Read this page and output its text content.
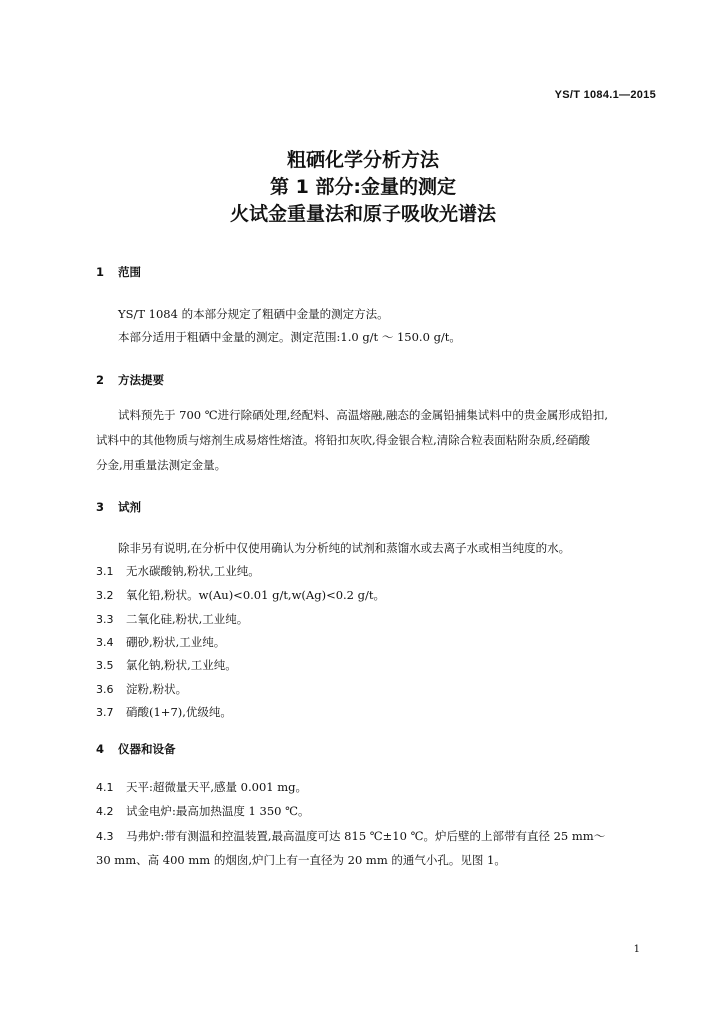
YS/T 1084.1—2015
粗硒化学分析方法
第 1 部分:金量的测定
火试金重量法和原子吸收光谱法
1 范围
YS/T 1084 的本部分规定了粗硒中金量的测定方法。
本部分适用于粗硒中金量的测定。测定范围:1.0 g/t ～ 150.0 g/t。
2 方法提要
试料预先于 700 ℃进行除硒处理,经配料、高温熔融,融态的金属铅捕集试料中的贵金属形成铅扣,
试料中的其他物质与熔剂生成易熔性熔渣。将铅扣灰吹,得金银合粒,清除合粒表面粘附杂质,经硝酸
分金,用重量法测定金量。
3 试剂
除非另有说明,在分析中仅使用确认为分析纯的试剂和蒸馏水或去离子水或相当纯度的水。
3.1 无水碳酸钠,粉状,工业纯。
3.2 氧化铅,粉状。w(Au)<0.01 g/t,w(Ag)<0.2 g/t。
3.3 二氧化硅,粉状,工业纯。
3.4 硼砂,粉状,工业纯。
3.5 氯化钠,粉状,工业纯。
3.6 淀粉,粉状。
3.7 硝酸(1+7),优级纯。
4 仪器和设备
4.1 天平:超微量天平,感量 0.001 mg。
4.2 试金电炉:最高加热温度 1 350 ℃。
4.3 马弗炉:带有测温和控温装置,最高温度可达 815 ℃±10 ℃。炉后壁的上部带有直径 25 mm～
30 mm、高 400 mm 的烟囱,炉门上有一直径为 20 mm 的通气小孔。见图 1。
1
